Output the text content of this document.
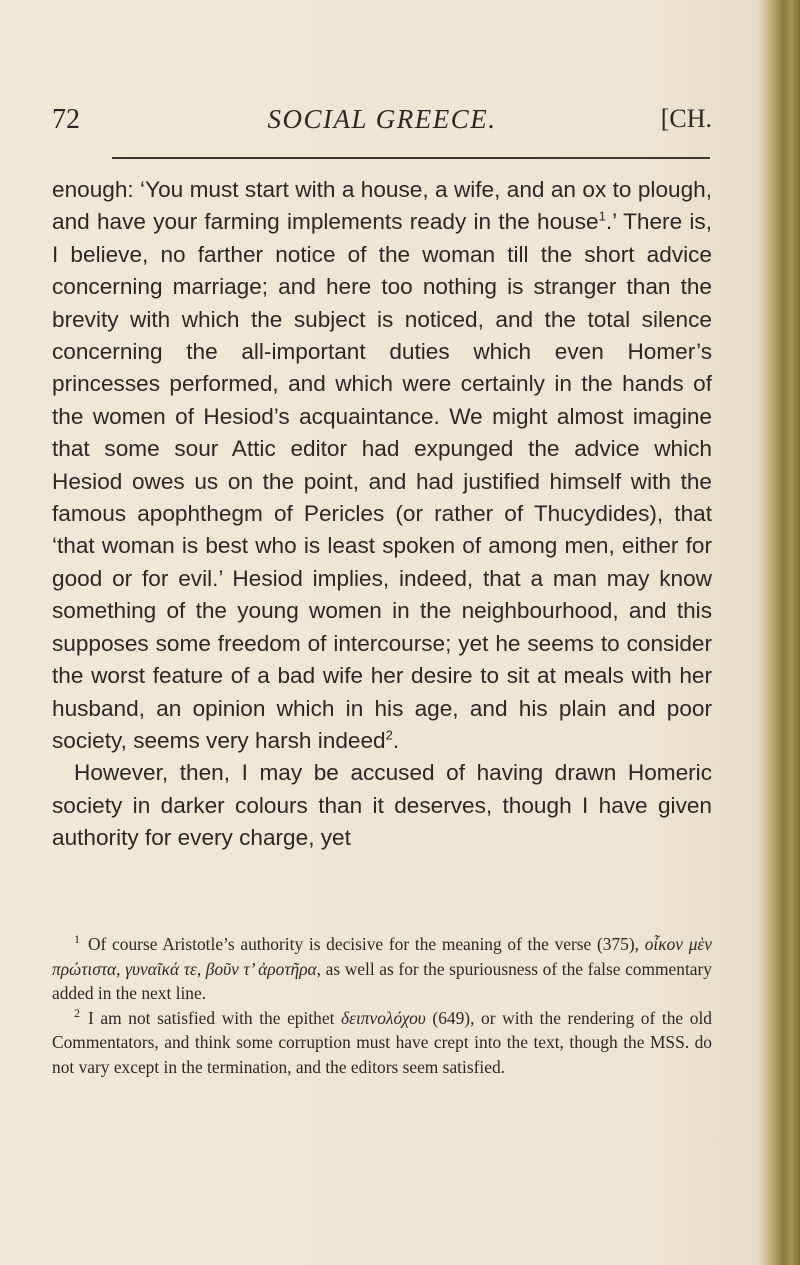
72	SOCIAL GREECE.	[CH.

enough: ‘You must start with a house, a wife, and an ox to plough, and have your farming implements ready in the house$^1$.’ There is, I believe, no farther notice of the woman till the short advice concerning marriage; and here too nothing is stranger than the brevity with which the subject is noticed, and the total silence concerning the all-important duties which even Homer’s princesses performed, and which were certainly in the hands of the women of Hesiod’s acquaintance. We might almost imagine that some sour Attic editor had expunged the advice which Hesiod owes us on the point, and had justified himself with the famous apophthegm of Pericles (or rather of Thucydides), that ‘that woman is best who is least spoken of among men, either for good or for evil.’ Hesiod implies, indeed, that a man may know something of the young women in the neighbourhood, and this supposes some freedom of intercourse; yet he seems to consider the worst feature of a bad wife her desire to sit at meals with her husband, an opinion which in his age, and his plain and poor society, seems very harsh indeed$^2$.

However, then, I may be accused of having drawn Homeric society in darker colours than it deserves, though I have given authority for every charge, yet

$^1$ Of course Aristotle’s authority is decisive for the meaning of the verse (375), οἶκον μὲν πρώτιστα, γυναῖκά τε, βοῦν τ’ ἀροτῆρα, as well as for the spuriousness of the false commentary added in the next line.

$^2$ I am not satisfied with the epithet δειπνολόχου (649), or with the rendering of the old Commentators, and think some corruption must have crept into the text, though the MSS. do not vary except in the termination, and the editors seem satisfied.
